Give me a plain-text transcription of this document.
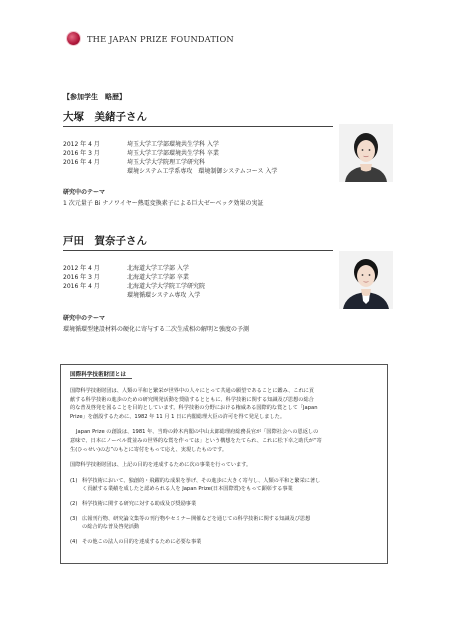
THE JAPAN PRIZE FOUNDATION
【参加学生　略歴】
大塚　美緒子さん
2012 年 4 月	埼玉大学工学部環境共生学科 入学
2016 年 3 月	埼玉大学工学部環境共生学科 卒業
2016 年 4 月	埼玉大学大学院理工学研究科
環境システム工学系専攻　環境制御システムコース 入学
研究中のテーマ
1 次元量子 Bi ナノワイヤー熱電変換素子による巨大ゼーベック効果の実証
戸田　賀奈子さん
2012 年 4 月	北海道大学工学部 入学
2016 年 3 月	北海道大学工学部 卒業
2016 年 4 月	北海道大学大学院工学研究院
環境循環システム専攻 入学
研究中のテーマ
環境循環型建設材料の硬化に寄与する二次生成相の解明と強度の予測
国際科学技術財団とは
国際科学技術財団は、人類の平和と繁栄が世界中の人々にとって共通の願望であることに鑑み、これに貢
献する科学技術の進歩のための研究開発活動を奨励するとともに、科学技術に関する知識及び思想の総合
的な普及啓発を図ることを目的としています。科学技術の分野における権威ある国際的な賞として「Japan
Prize」を創設するために、1982 年 11 月 1 日に内閣総理大臣の許可を得て発足しました。
Japan Prize の創設は、1981 年、当時の鈴木内閣の中山太郎総理府総務長官が「国際社会への恩返しの
意味で、日本にノーベル賞並みの世界的な賞を作っては」という構想をたてられ、これに松下幸之助氏が“寄
生(ひっせい)の志”のもとに寄付をもって応え、実現したものです。
国際科学技術財団は、上記の目的を達成するために次の事業を行っています。
(1) 科学技術において、独創的・飛躍的な成果を挙げ、その進歩に大きく寄与し、人類の平和と繁栄に著し
く貢献する業績を成したと認められる人を Japan Prize(日本国際賞)をもって顕彰する事業
(2) 科学技術に関する研究に対する助成及び奨励事業
(3) 広報刊行物、研究論文集等の刊行物やセミナー開催などを通じての科学技術に関する知識及び思想
の総合的な普及啓発活動
(4) その他この法人の目的を達成するために必要な事業
